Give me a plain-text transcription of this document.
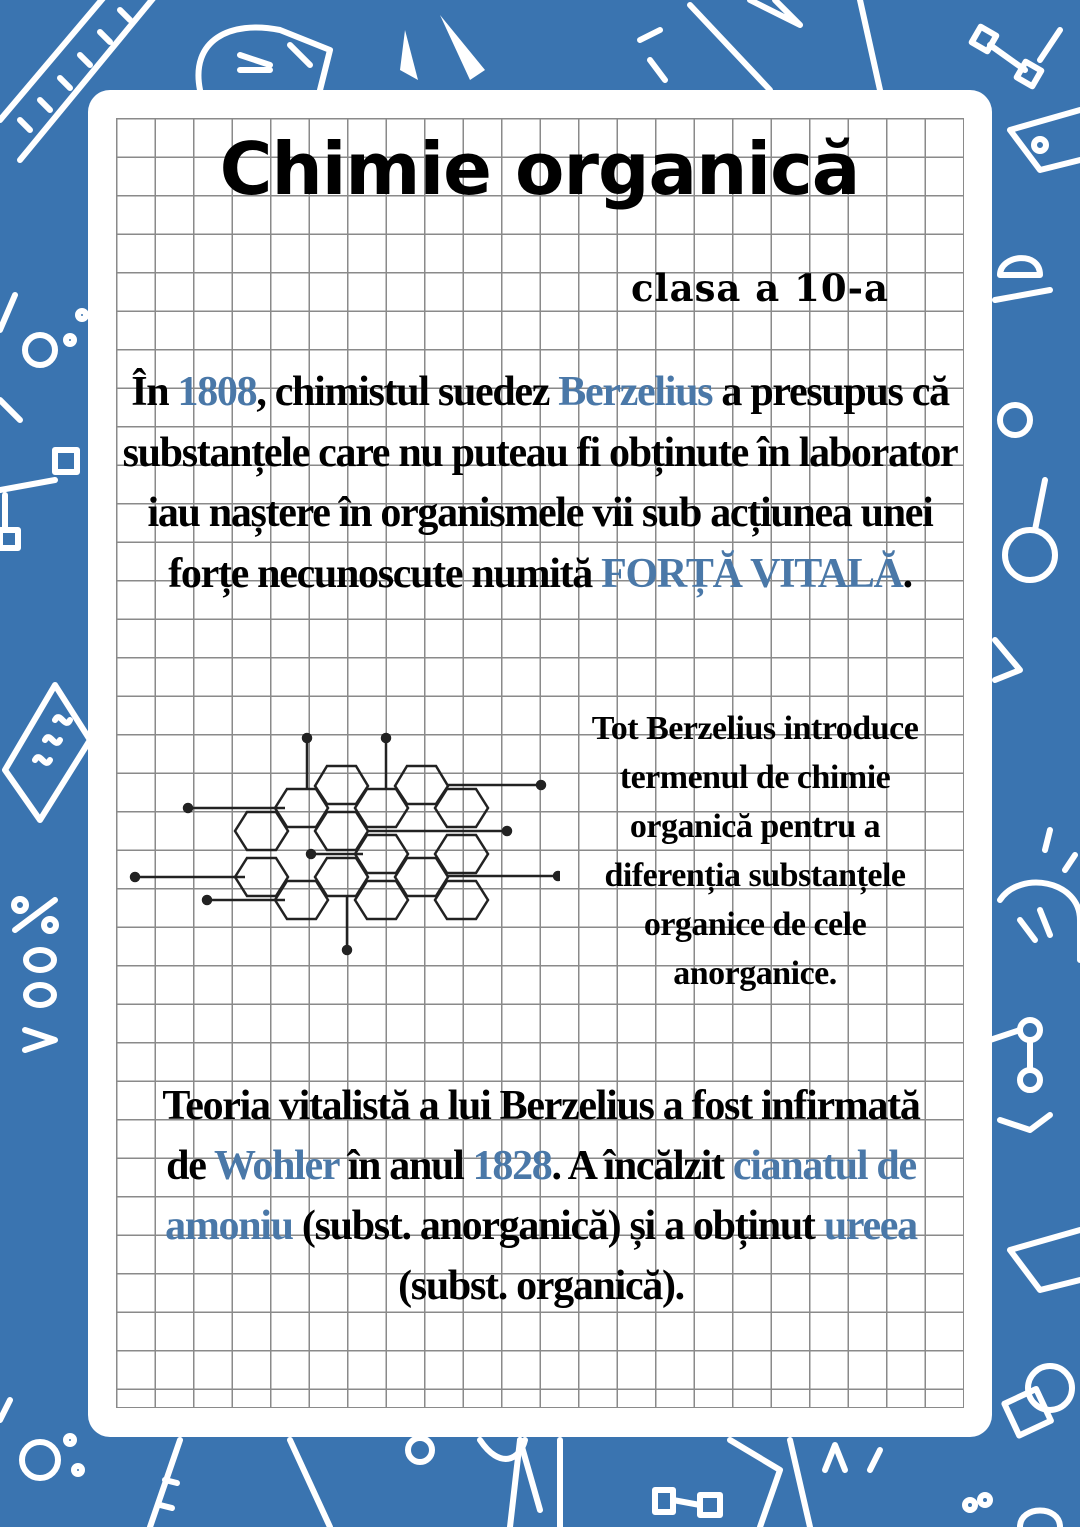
Chimie organică
clasa a 10-a
În 1808, chimistul suedez Berzelius a presupus că substanțele care nu puteau fi obținute în laborator iau naștere în organismele vii sub acțiunea unei forțe necunoscute numită FORȚĂ VITALĂ.
Tot Berzelius introduce termenul de chimie organică pentru a diferenția substanțele organice de cele anorganice.
Teoria vitalistă a lui Berzelius a fost infirmată de Wohler în anul 1828. A încălzit cianatul de amoniu (subst. anorganică) și a obținut ureea (subst. organică).
